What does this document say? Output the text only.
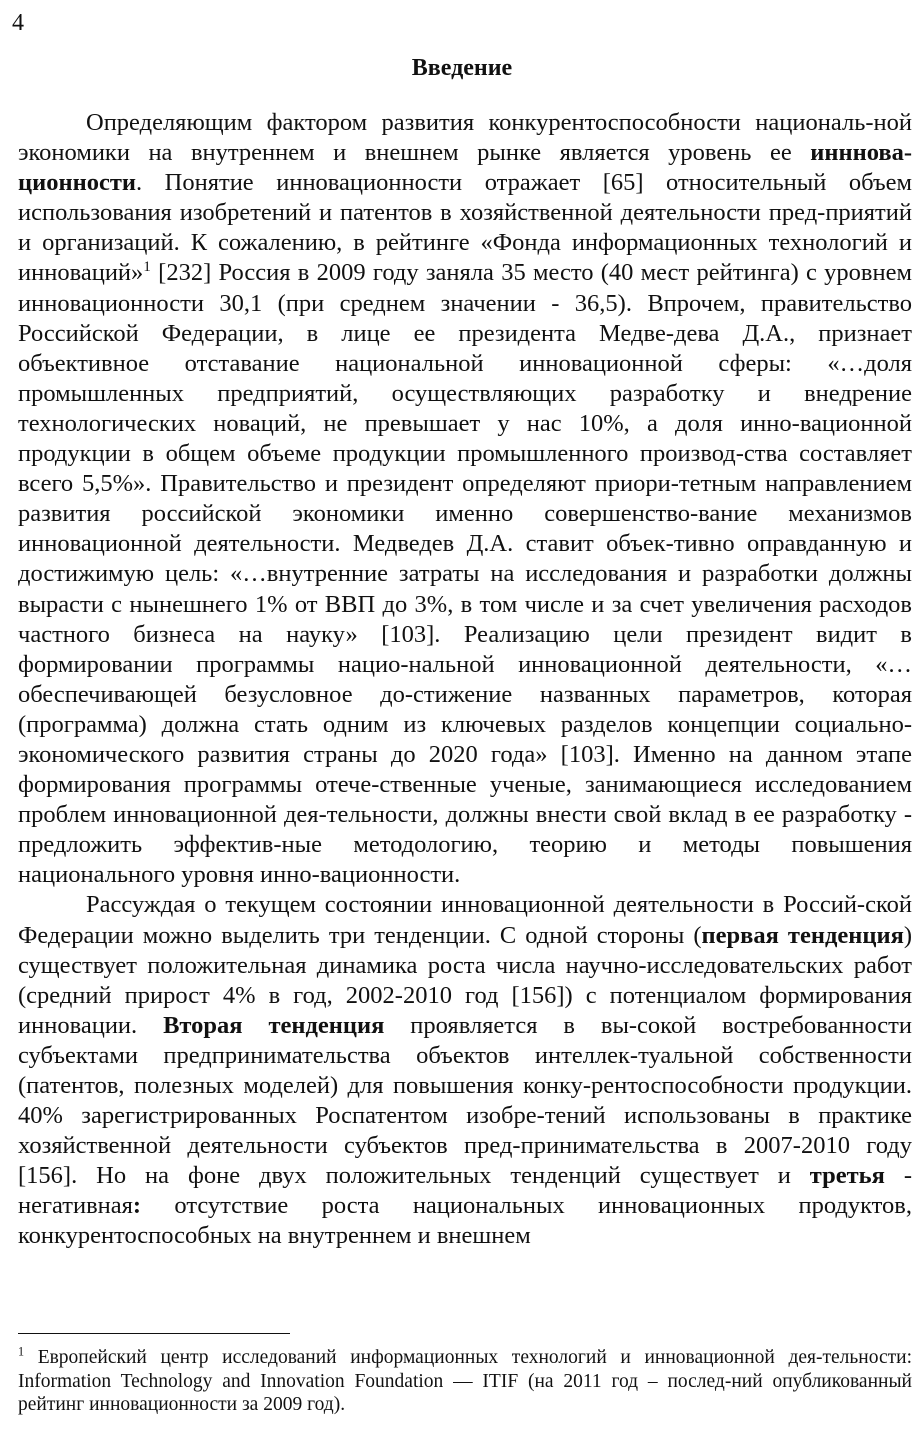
4
Введение

Определяющим фактором развития конкурентоспособности националь-ной экономики на внутреннем и внешнем рынке является уровень ее инннова-ционности. Понятие инновационности отражает [65] относительный объем использования изобретений и патентов в хозяйственной деятельности пред-приятий и организаций. К сожалению, в рейтинге «Фонда информационных технологий и инноваций»$^1$ [232] Россия в 2009 году заняла 35 место (40 мест рейтинга) с уровнем инновационности 30,1 (при среднем значении - 36,5). Впрочем, правительство Российской Федерации, в лице ее президента Медве-дева Д.А., признает объективное отставание национальной инновационной сферы: «…доля промышленных предприятий, осуществляющих разработку и внедрение технологических новаций, не превышает у нас 10%, а доля инно-вационной продукции в общем объеме продукции промышленного производ-ства составляет всего 5,5%». Правительство и президент определяют приори-тетным направлением развития российской экономики именно совершенство-вание механизмов инновационной деятельности. Медведев Д.А. ставит объек-тивно оправданную и достижимую цель: «…внутренние затраты на исследования и разработки должны вырасти с нынешнего 1% от ВВП до 3%, в том числе и за счет увеличения расходов частного бизнеса на науку» [103]. Реализацию цели президент видит в формировании программы нацио-нальной инновационной деятельности, «…обеспечивающей безусловное до-стижение названных параметров, которая (программа) должна стать одним из ключевых разделов концепции социально-экономического развития страны до 2020 года» [103]. Именно на данном этапе формирования программы отече-ственные ученые, занимающиеся исследованием проблем инновационной дея-тельности, должны внести свой вклад в ее разработку - предложить эффектив-ные методологию, теорию и методы повышения национального уровня инно-вационности.

Рассуждая о текущем состоянии инновационной деятельности в Россий-ской Федерации можно выделить три тенденции. С одной стороны (первая тенденция) существует положительная динамика роста числа научно-исследовательских работ (средний прирост 4% в год, 2002-2010 год [156]) с потенциалом формирования инновации. Вторая тенденция проявляется в вы-сокой востребованности субъектами предпринимательства объектов интеллек-туальной собственности (патентов, полезных моделей) для повышения конку-рентоспособности продукции. 40% зарегистрированных Роспатентом изобре-тений использованы в практике хозяйственной деятельности субъектов пред-принимательства в 2007-2010 году [156]. Но на фоне двух положительных тенденций существует и третья - негативная: отсутствие роста национальных инновационных продуктов, конкурентоспособных на внутреннем и внешнем

$^1$ Европейский центр исследований информационных технологий и инновационной дея-тельности: Information Technology and Innovation Foundation — ITIF (на 2011 год – послед-ний опубликованный рейтинг инновационности за 2009 год).
